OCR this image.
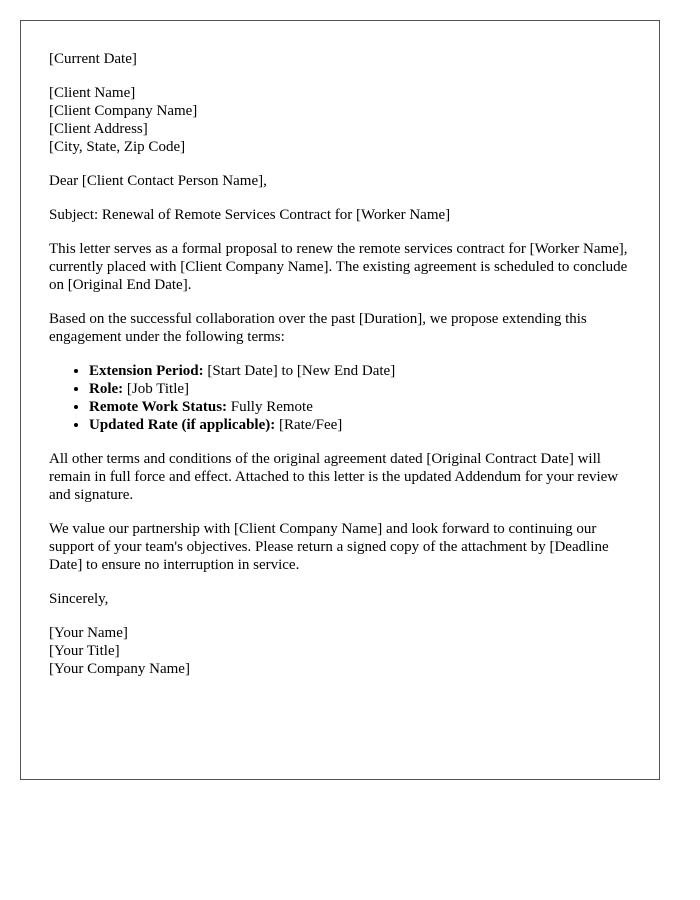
[Current Date]

[Client Name]
[Client Company Name]
[Client Address]
[City, State, Zip Code]

Dear [Client Contact Person Name],

Subject: Renewal of Remote Services Contract for [Worker Name]

This letter serves as a formal proposal to renew the remote services contract for [Worker Name], currently placed with [Client Company Name]. The existing agreement is scheduled to conclude on [Original End Date].

Based on the successful collaboration over the past [Duration], we propose extending this engagement under the following terms:

• Extension Period: [Start Date] to [New End Date]
• Role: [Job Title]
• Remote Work Status: Fully Remote
• Updated Rate (if applicable): [Rate/Fee]

All other terms and conditions of the original agreement dated [Original Contract Date] will remain in full force and effect. Attached to this letter is the updated Addendum for your review and signature.

We value our partnership with [Client Company Name] and look forward to continuing our support of your team's objectives. Please return a signed copy of the attachment by [Deadline Date] to ensure no interruption in service.

Sincerely,

[Your Name]
[Your Title]
[Your Company Name]
